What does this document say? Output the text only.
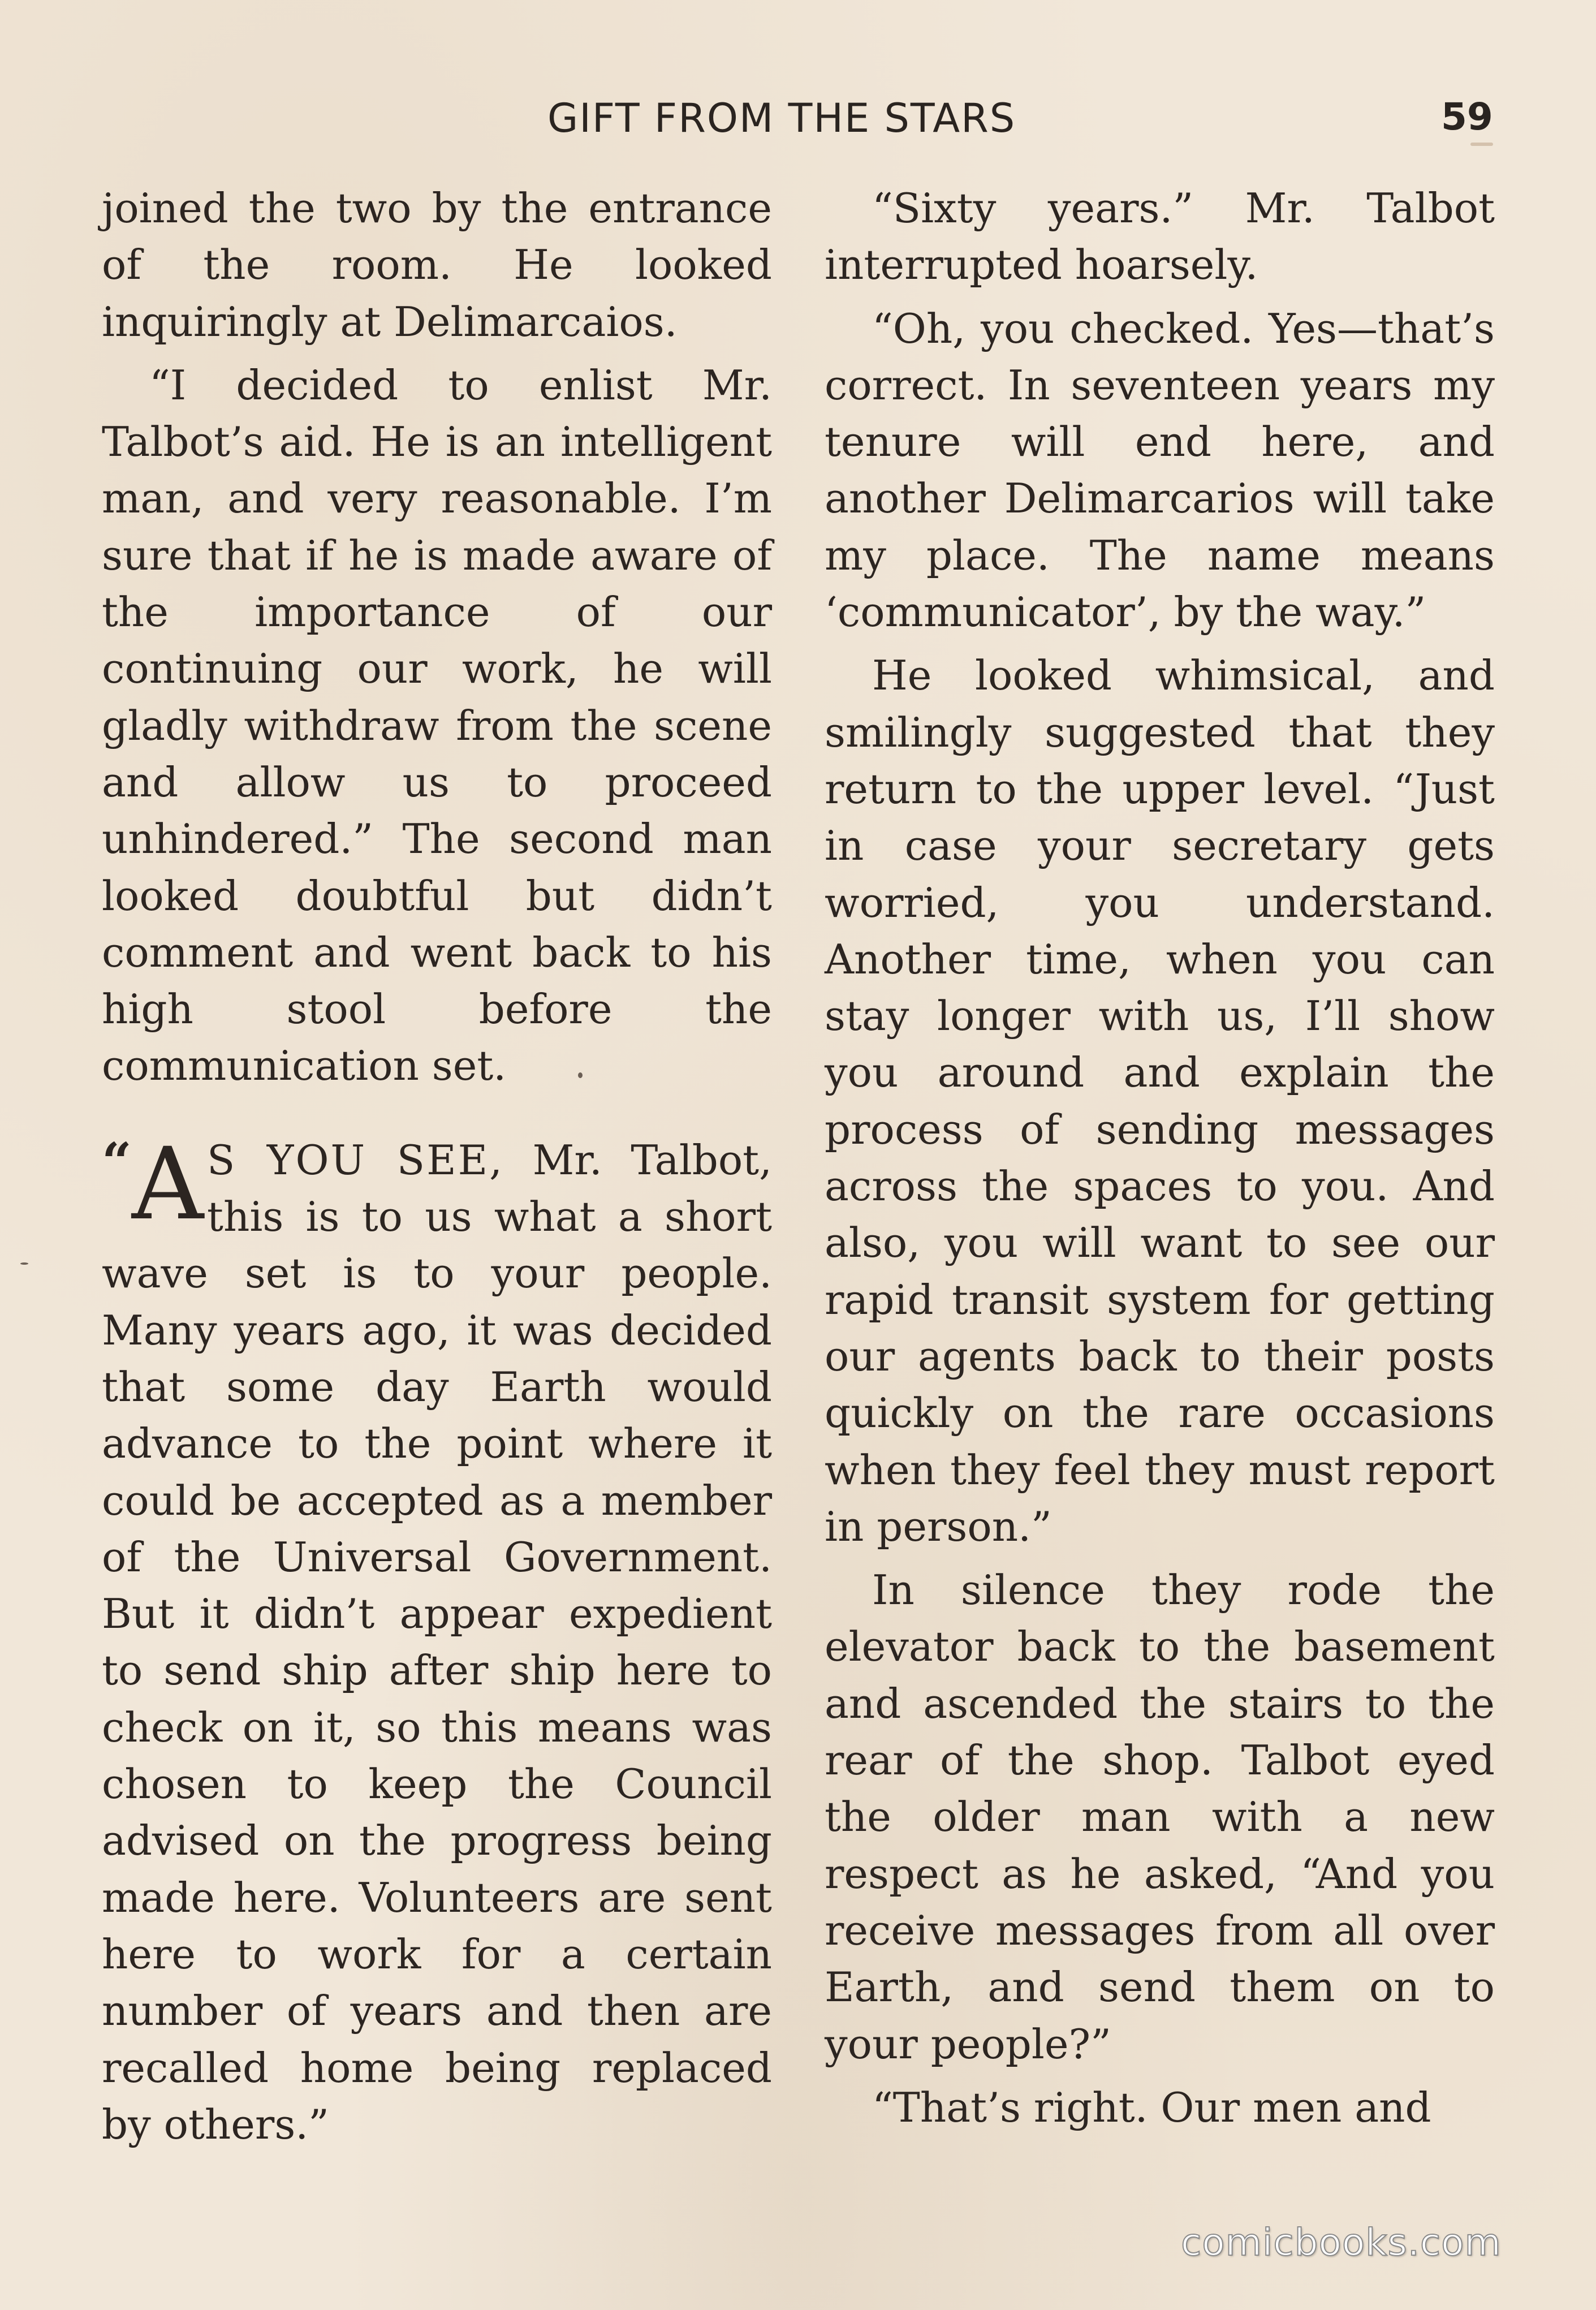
GIFT FROM THE STARS	59

joined the two by the entrance of the room. He looked inquiringly at Delimarcaios.

“I decided to enlist Mr. Talbot’s aid. He is an intelligent man, and very reasonable. I’m sure that if he is made aware of the importance of our continuing our work, he will gladly withdraw from the scene and allow us to proceed unhindered.” The second man looked doubtful but didn’t comment and went back to his high stool before the communication set.

“A S YOU SEE, Mr. Talbot, this is to us what a short wave set is to your people. Many years ago, it was decided that some day Earth would advance to the point where it could be accepted as a member of the Universal Government. But it didn’t appear expedient to send ship after ship here to check on it, so this means was chosen to keep the Council advised on the progress being made here. Volunteers are sent here to work for a certain number of years and then are recalled home being replaced by others.”

“Sixty years.” Mr. Talbot interrupted hoarsely.

“Oh, you checked. Yes—that’s correct. In seventeen years my tenure will end here, and another Delimarcarios will take my place. The name means ‘communicator’, by the way.”

He looked whimsical, and smilingly suggested that they return to the upper level. “Just in case your secretary gets worried, you understand. Another time, when you can stay longer with us, I’ll show you around and explain the process of sending messages across the spaces to you. And also, you will want to see our rapid transit system for getting our agents back to their posts quickly on the rare occasions when they feel they must report in person.”

In silence they rode the elevator back to the basement and ascended the stairs to the rear of the shop. Talbot eyed the older man with a new respect as he asked, “And you receive messages from all over Earth, and send them on to your people?”

“That’s right. Our men and

comicbooks.com
